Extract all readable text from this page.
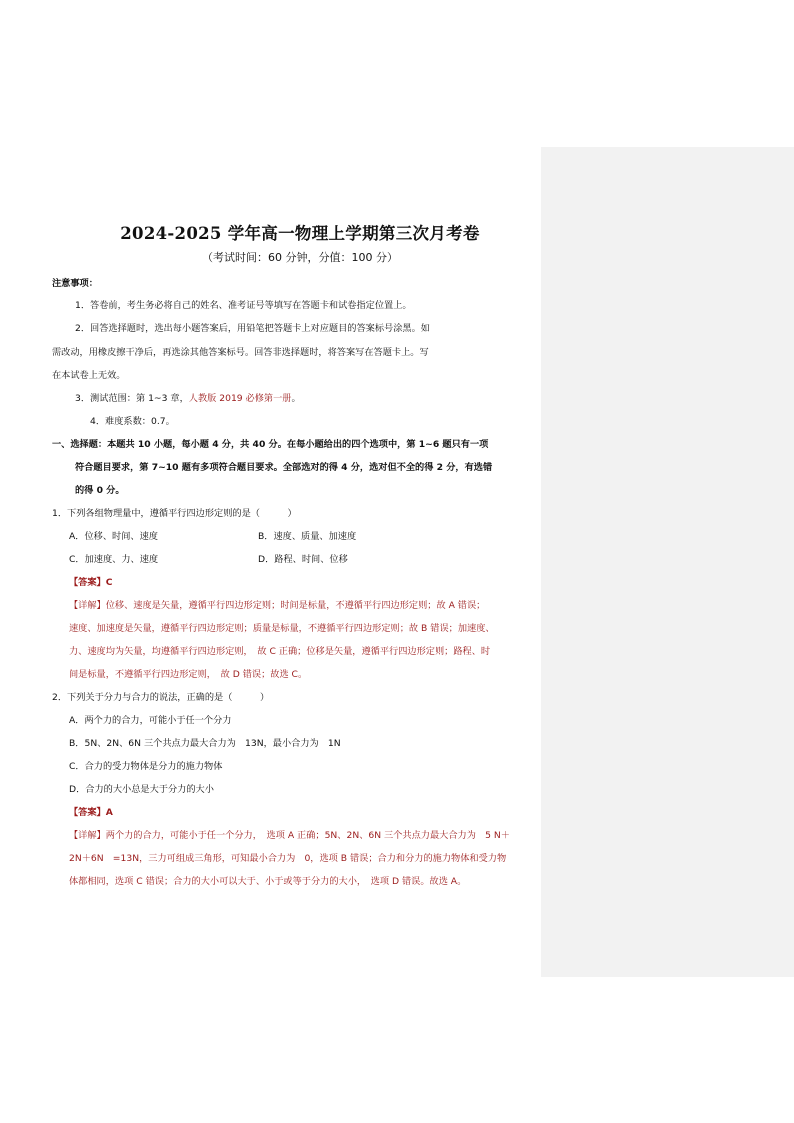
2024-2025 学年高一物理上学期第三次月考卷
（考试时间：60 分钟，分值：100 分）
注意事项：
1．答卷前，考生务必将自己的姓名、准考证号等填写在答题卡和试卷指定位置上。
2．回答选择题时，选出每小题答案后，用铅笔把答题卡上对应题目的答案标号涂黑。如
需改动，用橡皮擦干净后，再选涂其他答案标号。回答非选择题时，将答案写在答题卡上。写
在本试卷上无效。
3．测试范围：第 1~3 章，人教版 2019 必修第一册。
4．难度系数：0.7。
一、选择题：本题共 10 小题，每小题 4 分，共 40 分。在每小题给出的四个选项中，第 1~6 题只有一项
符合题目要求，第 7~10 题有多项符合题目要求。全部选对的得 4 分，选对但不全的得 2 分，有选错
的得 0 分。
1．下列各组物理量中，遵循平行四边形定则的是（　　　）
A．位移、时间、速度	B．速度、质量、加速度
C．加速度、力、速度	D．路程、时间、位移
【答案】C
【详解】位移、速度是矢量，遵循平行四边形定则；时间是标量，不遵循平行四边形定则；故 A 错误；
速度、加速度是矢量，遵循平行四边形定则；质量是标量，不遵循平行四边形定则；故 B 错误；加速度、
力、速度均为矢量，均遵循平行四边形定则，　故 C 正确；位移是矢量，遵循平行四边形定则；路程、时
间是标量，不遵循平行四边形定则，　故 D 错误；故选 C。
2．下列关于分力与合力的说法，正确的是（　　　）
A．两个力的合力，可能小于任一个分力
B．5N、2N、6N 三个共点力最大合力为　13N，最小合力为　1N
C．合力的受力物体是分力的施力物体
D．合力的大小总是大于分力的大小
【答案】A
【详解】两个力的合力，可能小于任一个分力，　选项 A 正确；5N、2N、6N 三个共点力最大合力为　5 N＋
2N＋6N　=13N，三力可组成三角形，可知最小合力为　0，选项 B 错误；合力和分力的施力物体和受力物
体都相同，选项 C 错误；合力的大小可以大于、小于或等于分力的大小，　选项 D 错误。故选 A。
